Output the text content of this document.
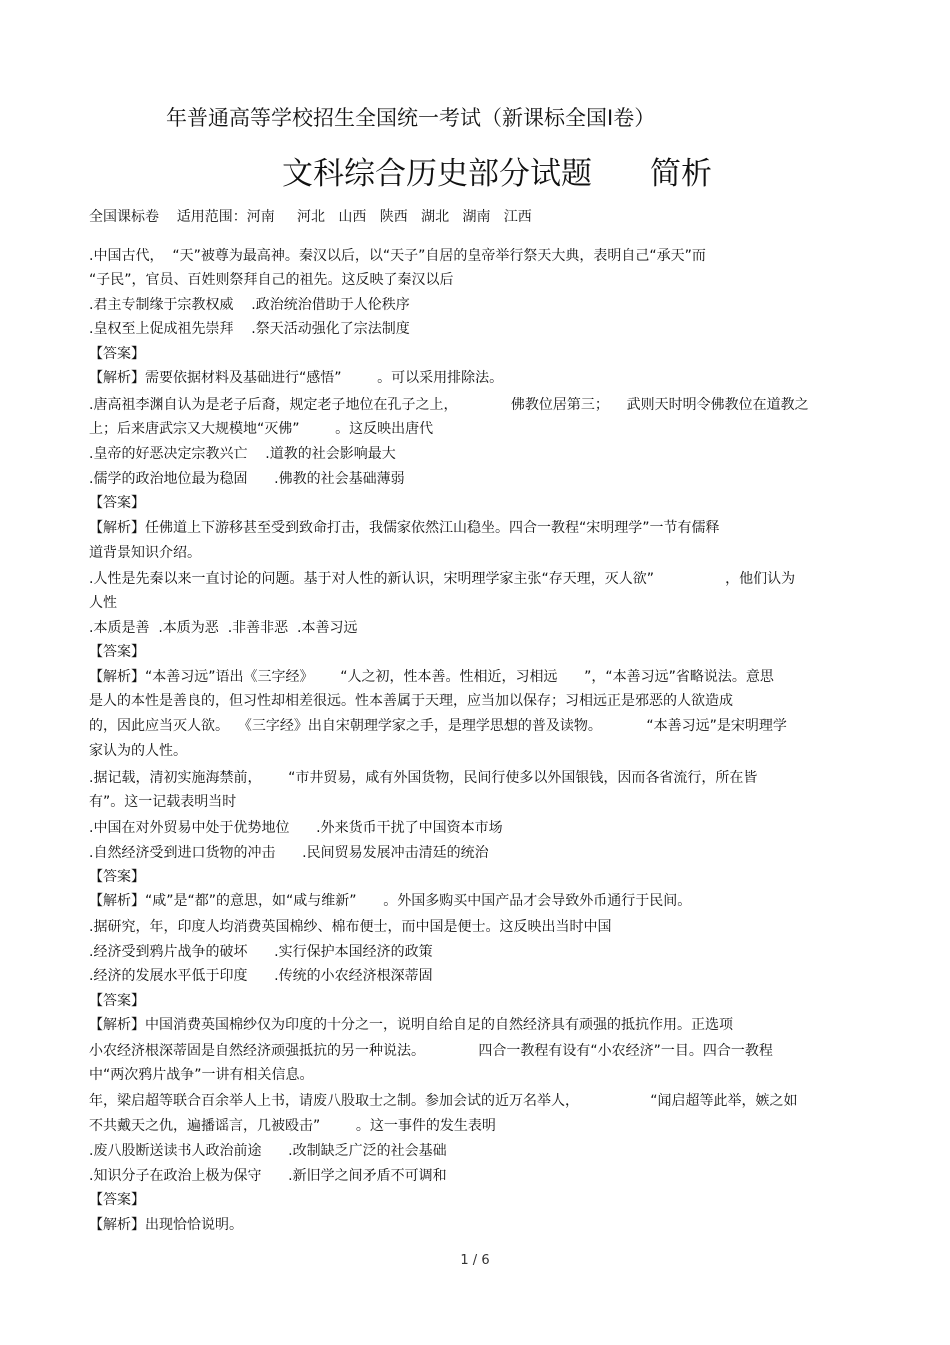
年普通高等学校招生全国统一考试（新课标全国Ⅰ卷）
文科综合历史部分试题 简析
全国课标卷    适用范围：河南     河北   山西   陕西   湖北   湖南   江西
.中国古代，  “天”被尊为最高神。秦汉以后，以“天子”自居的皇帝举行祭天大典，表明自己“承天”而
“子民”，官员、百姓则祭拜自己的祖先。这反映了秦汉以后
.君主专制缘于宗教权威    .政治统治借助于人伦秩序
.皇权至上促成祖先崇拜    .祭天活动强化了宗法制度
【答案】
【解析】需要依据材料及基础进行“感悟”        。可以采用排除法。
.唐高祖李渊自认为是老子后裔，规定老子地位在孔子之上，            佛教位居第三；    武则天时明令佛教位在道教之
上；后来唐武宗又大规模地“灭佛”        。这反映出唐代
.皇帝的好恶决定宗教兴亡    .道教的社会影响最大
.儒学的政治地位最为稳固      .佛教的社会基础薄弱
【答案】
【解析】任佛道上下游移甚至受到致命打击，我儒家依然江山稳坐。四合一教程“宋明理学”一节有儒释
道背景知识介绍。
.人性是先秦以来一直讨论的问题。基于对人性的新认识，宋明理学家主张“存天理，灭人欲”                ，他们认为
人性
.本质是善  .本质为恶  .非善非恶  .本善习远
【答案】
【解析】“本善习远”语出《三字经》      “人之初，性本善。性相近，习相远      ”，“本善习远”省略说法。意思
是人的本性是善良的，但习性却相差很远。性本善属于天理，应当加以保存；习相远正是邪恶的人欲造成
的，因此应当灭人欲。  《三字经》出自宋朝理学家之手，是理学思想的普及读物。          “本善习远”是宋明理学
家认为的人性。
.据记载，清初实施海禁前，      “市井贸易，咸有外国货物，民间行使多以外国银钱，因而各省流行，所在皆
有”。这一记载表明当时
.中国在对外贸易中处于优势地位      .外来货币干扰了中国资本市场
.自然经济受到进口货物的冲击      .民间贸易发展冲击清廷的统治
【答案】
【解析】“咸”是“都”的意思，如“咸与维新”      。外国多购买中国产品才会导致外币通行于民间。
.据研究，年，印度人均消费英国棉纱、棉布便士，而中国是便士。这反映出当时中国
.经济受到鸦片战争的破坏      .实行保护本国经济的政策
.经济的发展水平低于印度      .传统的小农经济根深蒂固
【答案】
【解析】中国消费英国棉纱仅为印度的十分之一，说明自给自足的自然经济具有顽强的抵抗作用。正选项
小农经济根深蒂固是自然经济顽强抵抗的另一种说法。            四合一教程有设有“小农经济”一目。四合一教程
中“两次鸦片战争”一讲有相关信息。
年，梁启超等联合百余举人上书，请废八股取士之制。参加会试的近万名举人，                “闻启超等此举，嫉之如
不共戴天之仇，遍播谣言，几被殴击”        。这一事件的发生表明
.废八股断送读书人政治前途      .改制缺乏广泛的社会基础
.知识分子在政治上极为保守      .新旧学之间矛盾不可调和
【答案】
【解析】出现恰恰说明。
1 / 6
